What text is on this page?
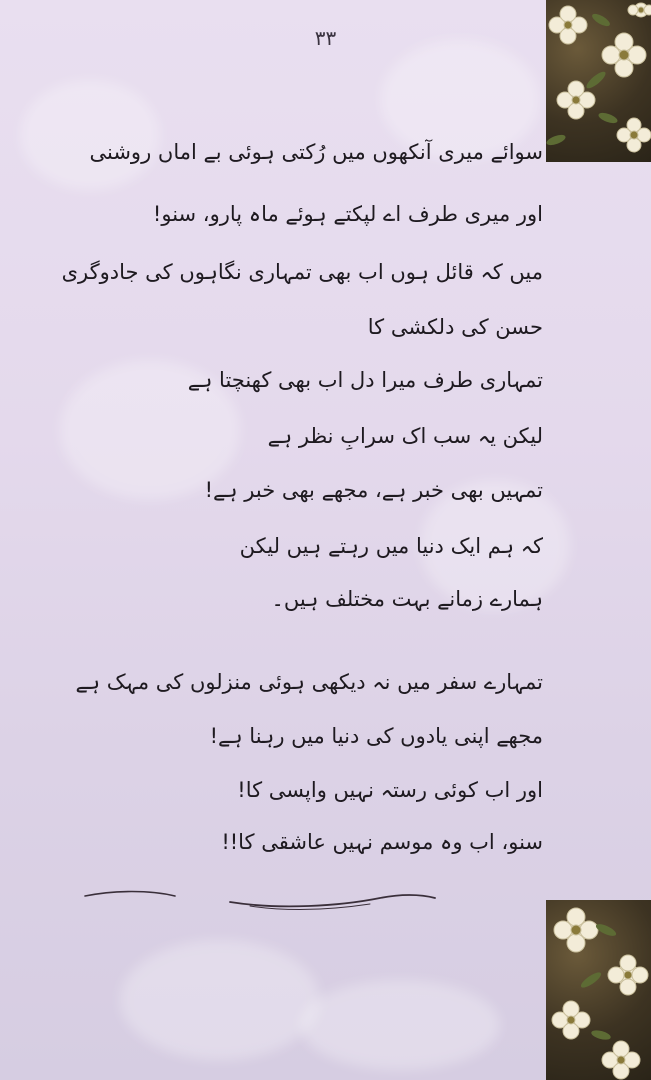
۳۳
سوائے میری آنکھوں میں رُکتی ہوئی بے اماں روشنی
اور میری طرف اے لپکتے ہوئے ماہ پارو، سنو!
میں کہ قائل ہوں اب بھی تمہاری نگاہوں کی جادوگری
حسن کی دلکشی کا
تمہاری طرف میرا دل اب بھی کھنچتا ہے
لیکن یہ سب اک سرابِ نظر ہے
تمہیں بھی خبر ہے، مجھے بھی خبر ہے!
کہ ہم ایک دنیا میں رہتے ہیں لیکن
ہمارے زمانے بہت مختلف ہیں۔
تمہارے سفر میں نہ دیکھی ہوئی منزلوں کی مہک ہے
مجھے اپنی یادوں کی دنیا میں رہنا ہے!
اور اب کوئی رستہ نہیں واپسی کا!
سنو، اب وہ موسم نہیں عاشقی کا!!
